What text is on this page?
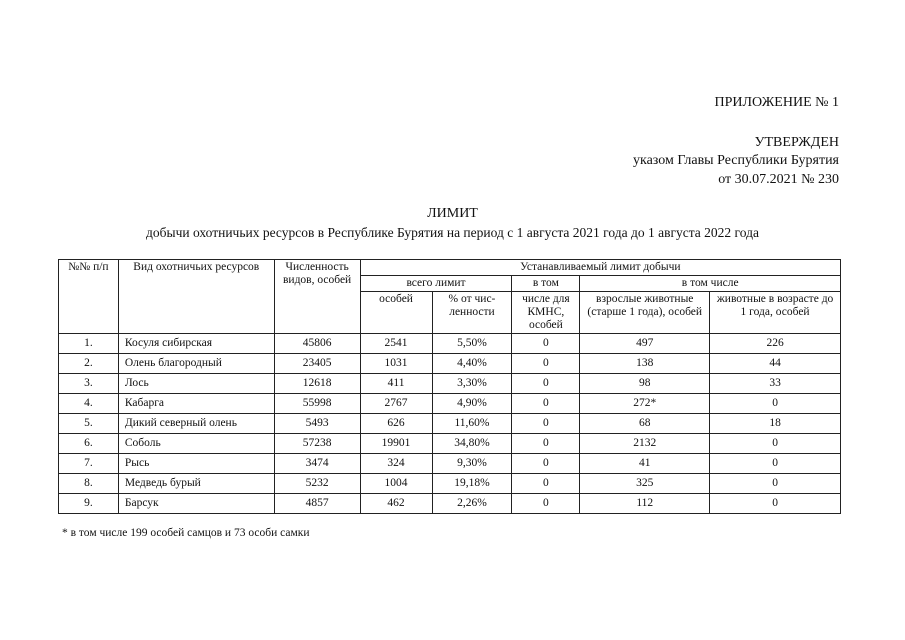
ПРИЛОЖЕНИЕ № 1
УТВЕРЖДЕН
указом Главы Республики Бурятия
от 30.07.2021 № 230
ЛИМИТ
добычи охотничьих ресурсов в Республике Бурятия на период с 1 августа 2021 года до 1 августа 2022 года
№№ п/п	Вид охотничьих ресурсов	Численность видов, особей	Устанавливаемый лимит добычи				
			всего лимит		в том	в том числе	
			особей	% от чис-ленности	числе для КМНС, особей	взрослые животные (старше 1 года), особей	животные в возрасте до 1 года, особей
1.	Косуля сибирская	45806	2541	5,50%	0	497	226
2.	Олень благородный	23405	1031	4,40%	0	138	44
3.	Лось	12618	411	3,30%	0	98	33
4.	Кабарга	55998	2767	4,90%	0	272*	0
5.	Дикий северный олень	5493	626	11,60%	0	68	18
6.	Соболь	57238	19901	34,80%	0	2132	0
7.	Рысь	3474	324	9,30%	0	41	0
8.	Медведь бурый	5232	1004	19,18%	0	325	0
9.	Барсук	4857	462	2,26%	0	112	0
* в том числе 199 особей самцов и 73 особи самки
